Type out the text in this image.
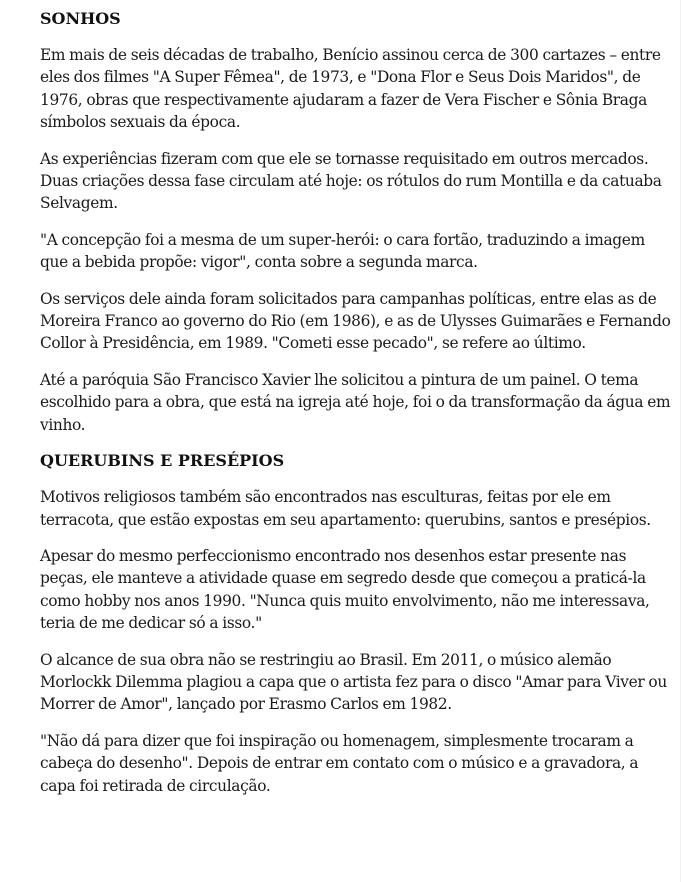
SONHOS

Em mais de seis décadas de trabalho, Benício assinou cerca de 300 cartazes – entre eles dos filmes "A Super Fêmea", de 1973, e "Dona Flor e Seus Dois Maridos", de 1976, obras que respectivamente ajudaram a fazer de Vera Fischer e Sônia Braga símbolos sexuais da época.

As experiências fizeram com que ele se tornasse requisitado em outros mercados. Duas criações dessa fase circulam até hoje: os rótulos do rum Montilla e da catuaba Selvagem.

"A concepção foi a mesma de um super-herói: o cara fortão, traduzindo a imagem que a bebida propõe: vigor", conta sobre a segunda marca.

Os serviços dele ainda foram solicitados para campanhas políticas, entre elas as de Moreira Franco ao governo do Rio (em 1986), e as de Ulysses Guimarães e Fernando Collor à Presidência, em 1989. "Cometi esse pecado", se refere ao último.

Até a paróquia São Francisco Xavier lhe solicitou a pintura de um painel. O tema escolhido para a obra, que está na igreja até hoje, foi o da transformação da água em vinho.

QUERUBINS E PRESÉPIOS

Motivos religiosos também são encontrados nas esculturas, feitas por ele em terracota, que estão expostas em seu apartamento: querubins, santos e presépios.

Apesar do mesmo perfeccionismo encontrado nos desenhos estar presente nas peças, ele manteve a atividade quase em segredo desde que começou a praticá-la como hobby nos anos 1990. "Nunca quis muito envolvimento, não me interessava, teria de me dedicar só a isso."

O alcance de sua obra não se restringiu ao Brasil. Em 2011, o músico alemão Morlockk Dilemma plagiou a capa que o artista fez para o disco "Amar para Viver ou Morrer de Amor", lançado por Erasmo Carlos em 1982.

"Não dá para dizer que foi inspiração ou homenagem, simplesmente trocaram a cabeça do desenho". Depois de entrar em contato com o músico e a gravadora, a capa foi retirada de circulação.
